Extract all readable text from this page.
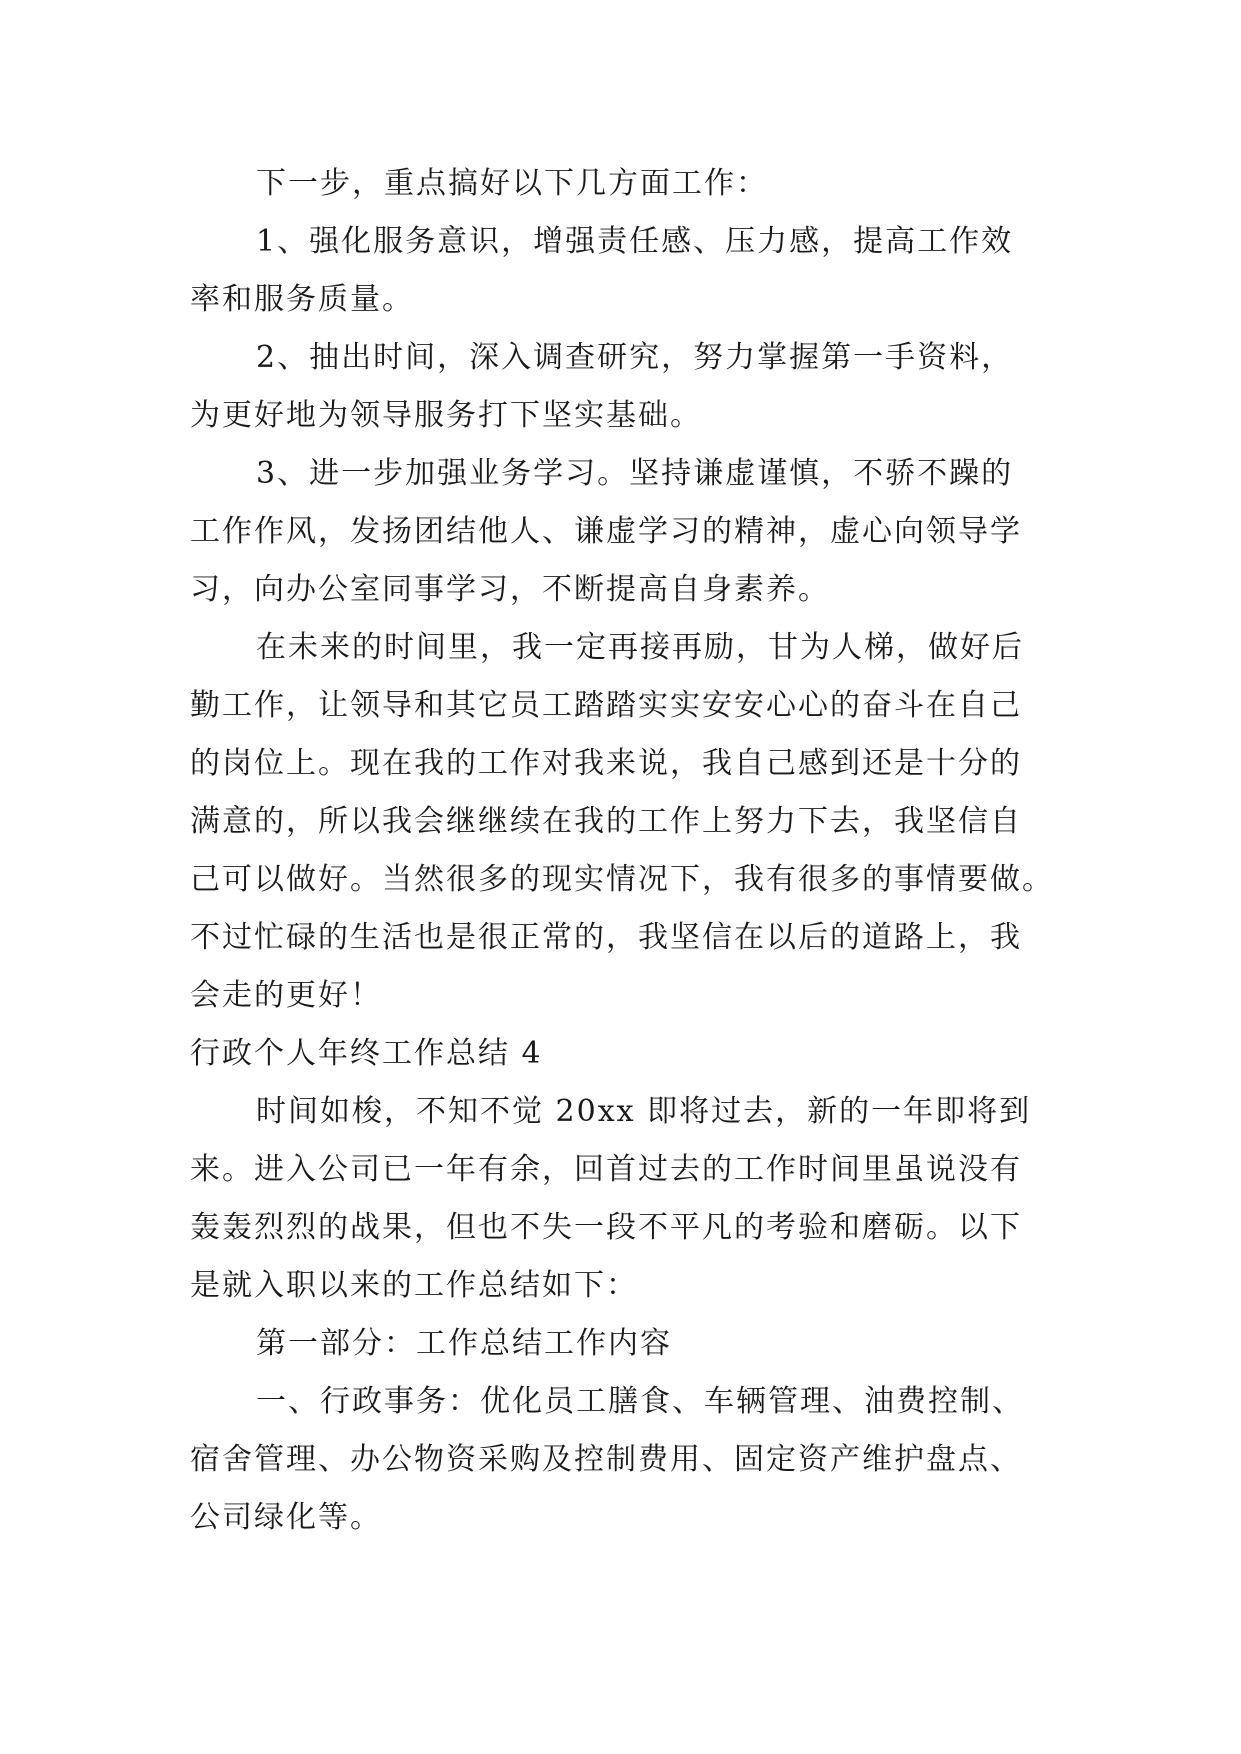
下一步，重点搞好以下几方面工作：
1、强化服务意识，增强责任感、压力感，提高工作效
率和服务质量。
2、抽出时间，深入调查研究，努力掌握第一手资料，
为更好地为领导服务打下坚实基础。
3、进一步加强业务学习。坚持谦虚谨慎，不骄不躁的
工作作风，发扬团结他人、谦虚学习的精神，虚心向领导学
习，向办公室同事学习，不断提高自身素养。
在未来的时间里，我一定再接再励，甘为人梯，做好后
勤工作，让领导和其它员工踏踏实实安安心心的奋斗在自己
的岗位上。现在我的工作对我来说，我自己感到还是十分的
满意的，所以我会继继续在我的工作上努力下去，我坚信自
己可以做好。当然很多的现实情况下，我有很多的事情要做。
不过忙碌的生活也是很正常的，我坚信在以后的道路上，我
会走的更好！
行政个人年终工作总结 4
时间如梭，不知不觉 20xx 即将过去，新的一年即将到
来。进入公司已一年有余，回首过去的工作时间里虽说没有
轰轰烈烈的战果，但也不失一段不平凡的考验和磨砺。以下
是就入职以来的工作总结如下：
第一部分：工作总结工作内容
一、行政事务：优化员工膳食、车辆管理、油费控制、
宿舍管理、办公物资采购及控制费用、固定资产维护盘点、
公司绿化等。
